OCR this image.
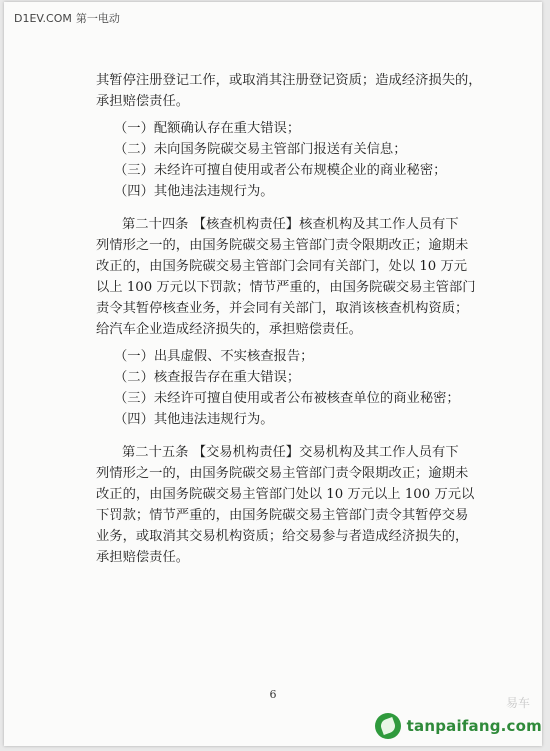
D1EV.COM 第一电动

其暂停注册登记工作，或取消其注册登记资质；造成经济损失的，

承担赔偿责任。

（一）配额确认存在重大错误；

（二）未向国务院碳交易主管部门报送有关信息；

（三）未经许可擅自使用或者公布规模企业的商业秘密；

（四）其他违法违规行为。

第二十四条 【核查机构责任】核查机构及其工作人员有下

列情形之一的，由国务院碳交易主管部门责令限期改正；逾期未

改正的，由国务院碳交易主管部门会同有关部门，处以 10 万元

以上 100 万元以下罚款；情节严重的，由国务院碳交易主管部门

责令其暂停核查业务，并会同有关部门，取消该核查机构资质；

给汽车企业造成经济损失的，承担赔偿责任。

（一）出具虚假、不实核查报告；

（二）核查报告存在重大错误；

（三）未经许可擅自使用或者公布被核查单位的商业秘密；

（四）其他违法违规行为。

第二十五条 【交易机构责任】交易机构及其工作人员有下

列情形之一的，由国务院碳交易主管部门责令限期改正；逾期未

改正的，由国务院碳交易主管部门处以 10 万元以上 100 万元以

下罚款；情节严重的，由国务院碳交易主管部门责令其暂停交易

业务，或取消其交易机构资质；给交易参与者造成经济损失的，

承担赔偿责任。

6
易车
tanpaifang.com
